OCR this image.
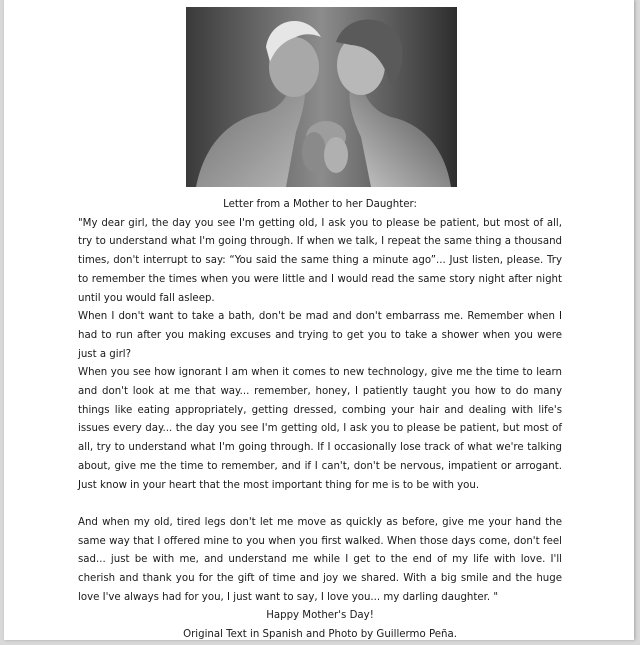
Letter from a Mother to her Daughter:
"My dear girl, the day you see I'm getting old, I ask you to please be patient, but most of all, try to understand what I'm going through. If when we talk, I repeat the same thing a thousand times, don't interrupt to say: “You said the same thing a minute ago”... Just listen, please. Try to remember the times when you were little and I would read the same story night after night until you would fall asleep.
When I don't want to take a bath, don't be mad and don't embarrass me. Remember when I had to run after you making excuses and trying to get you to take a shower when you were just a girl?
When you see how ignorant I am when it comes to new technology, give me the time to learn and don't look at me that way... remember, honey, I patiently taught you how to do many things like eating appropriately, getting dressed, combing your hair and dealing with life's issues every day... the day you see I'm getting old, I ask you to please be patient, but most of all, try to understand what I'm going through. If I occasionally lose track of what we're talking about, give me the time to remember, and if I can't, don't be nervous, impatient or arrogant. Just know in your heart that the most important thing for me is to be with you.
And when my old, tired legs don't let me move as quickly as before, give me your hand the same way that I offered mine to you when you first walked. When those days come, don't feel sad... just be with me, and understand me while I get to the end of my life with love. I'll cherish and thank you for the gift of time and joy we shared. With a big smile and the huge love I've always had for you, I just want to say, I love you... my darling daughter. "
Happy Mother's Day!
Original Text in Spanish and Photo by Guillermo Peña.
